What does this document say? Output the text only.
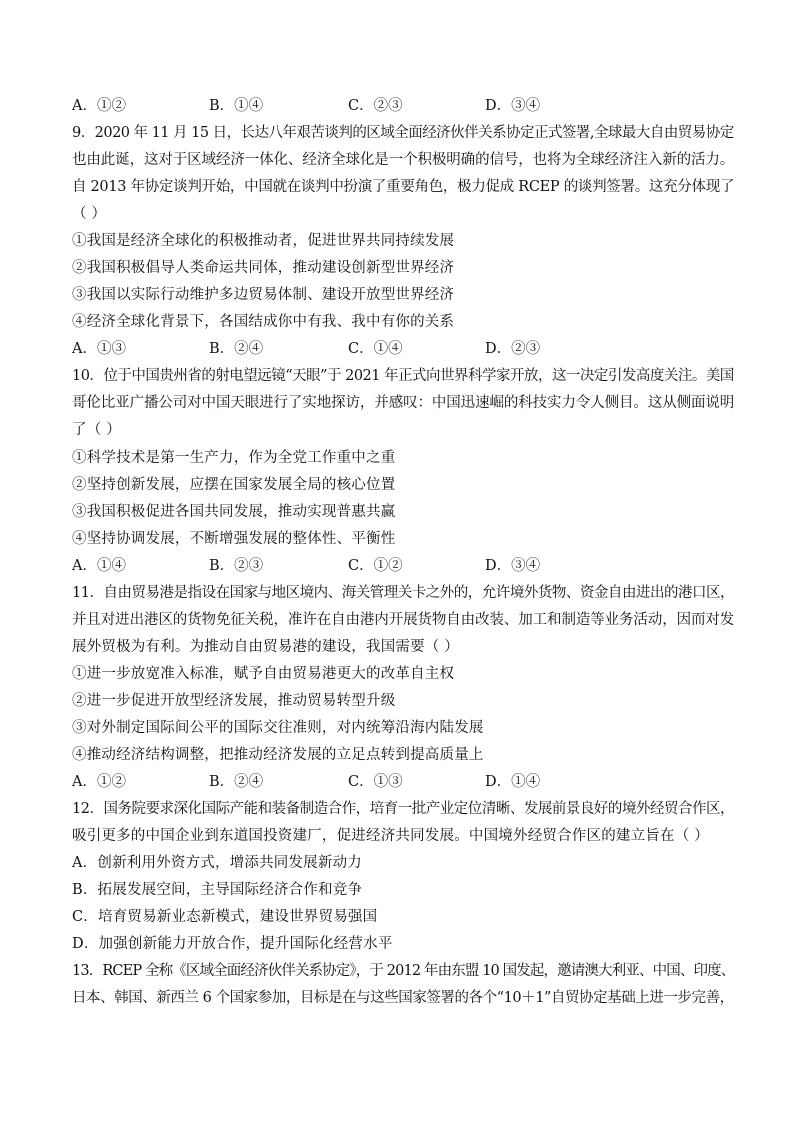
A．①②	B．①④	C．②③	D．③④
9．2020 年 11 月 15 日，长达八年艰苦谈判的区域全面经济伙伴关系协定正式签署,全球最大自由贸易协定
也由此诞，这对于区域经济一体化、经济全球化是一个积极明确的信号，也将为全球经济注入新的活力。
自 2013 年协定谈判开始，中国就在谈判中扮演了重要角色，极力促成 RCEP 的谈判签署。这充分体现了
（ ）
①我国是经济全球化的积极推动者，促进世界共同持续发展
②我国积极倡导人类命运共同体，推动建设创新型世界经济
③我国以实际行动维护多边贸易体制、建设开放型世界经济
④经济全球化背景下，各国结成你中有我、我中有你的关系
A．①③	B．②④	C．①④	D．②③
10．位于中国贵州省的射电望远镜“天眼”于 2021 年正式向世界科学家开放，这一决定引发高度关注。美国
哥伦比亚广播公司对中国天眼进行了实地探访，并感叹：中国迅速崛的科技实力令人侧目。这从侧面说明
了（ ）
①科学技术是第一生产力，作为全党工作重中之重
②坚持创新发展，应摆在国家发展全局的核心位置
③我国积极促进各国共同发展，推动实现普惠共赢
④坚持协调发展，不断增强发展的整体性、平衡性
A．①④	B．②③	C．①②	D．③④
11．自由贸易港是指设在国家与地区境内、海关管理关卡之外的，允许境外货物、资金自由进出的港口区，
并且对进出港区的货物免征关税，准许在自由港内开展货物自由改装、加工和制造等业务活动，因而对发
展外贸极为有利。为推动自由贸易港的建设，我国需要（ ）
①进一步放宽准入标准，赋予自由贸易港更大的改革自主权
②进一步促进开放型经济发展，推动贸易转型升级
③对外制定国际间公平的国际交往准则，对内统筹沿海内陆发展
④推动经济结构调整，把推动经济发展的立足点转到提高质量上
A．①②	B．②④	C．①③	D．①④
12．国务院要求深化国际产能和装备制造合作，培育一批产业定位清晰、发展前景良好的境外经贸合作区，
吸引更多的中国企业到东道国投资建厂，促进经济共同发展。中国境外经贸合作区的建立旨在（ ）
A．创新利用外资方式，增添共同发展新动力
B．拓展发展空间，主导国际经济合作和竞争
C．培育贸易新业态新模式，建设世界贸易强国
D．加强创新能力开放合作，提升国际化经营水平
13．RCEP 全称《区域全面经济伙伴关系协定》，于 2012 年由东盟 10 国发起，邀请澳大利亚、中国、印度、
日本、韩国、新西兰 6 个国家参加，目标是在与这些国家签署的各个“10＋1”自贸协定基础上进一步完善，
